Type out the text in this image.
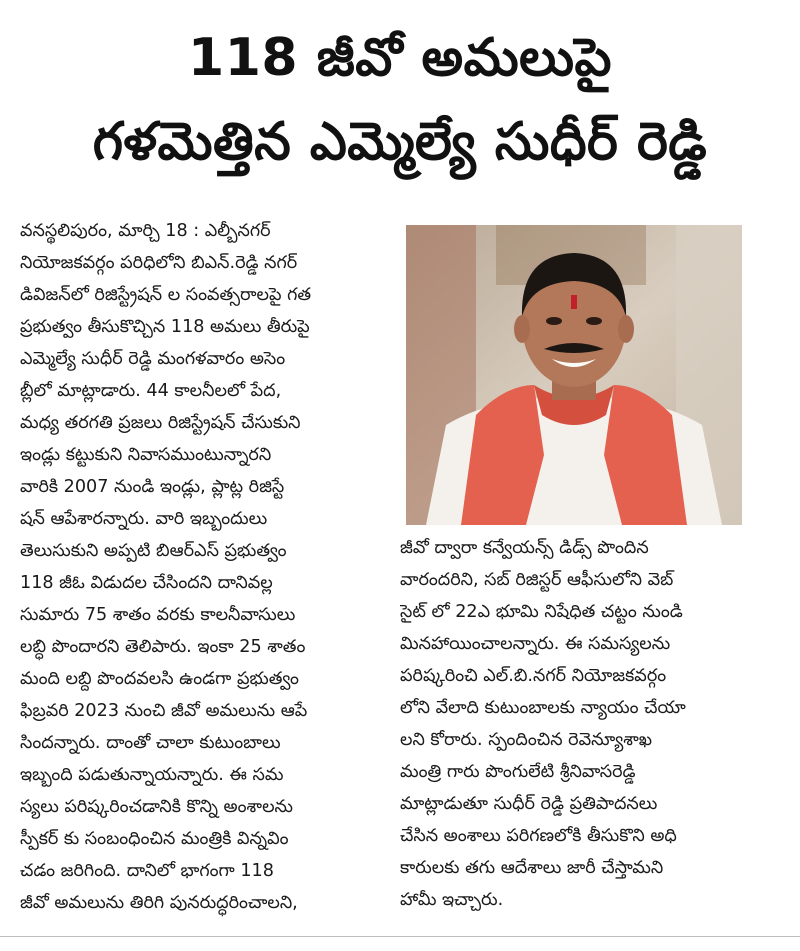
118 జీవో అమలుపై
గళమెత్తిన ఎమ్మెల్యే సుధీర్ రెడ్డి
వనస్థలిపురం, మార్చి 18 : ఎల్బీనగర్
నియోజకవర్గం పరిధిలోని బిఎన్.రెడ్డి నగర్
డివిజన్‌లో రిజిస్ట్రేషన్ ల సంవత్సరాలపై గత
ప్రభుత్వం తీసుకొచ్చిన 118 అమలు తీరుపై
ఎమ్మెల్యే సుధీర్ రెడ్డి మంగళవారం అసెం
బ్లీలో మాట్లాడారు. 44 కాలనీలలో పేద,
మధ్య తరగతి ప్రజలు రిజిస్ట్రేషన్ చేసుకుని
ఇండ్లు కట్టుకుని నివాసముంటున్నారని
వారికి 2007 నుండి ఇండ్లు, ప్లాట్ల రిజిస్టే
షన్ ఆపేశారన్నారు. వారి ఇబ్బందులు
తెలుసుకుని అప్పటి బిఆర్ఎస్ ప్రభుత్వం
118 జీఓ విడుదల చేసిందని దానివల్ల
సుమారు 75 శాతం వరకు కాలనీవాసులు
లబ్ధి పొందారని తెలిపారు. ఇంకా 25 శాతం
మంది లబ్ది పొందవలసి ఉండగా ప్రభుత్వం
ఫిబ్రవరి 2023 నుంచి జీవో అమలును ఆపే
సిందన్నారు. దాంతో చాలా కుటుంబాలు
ఇబ్బంది పడుతున్నాయన్నారు. ఈ సమ
స్యలు పరిష్కరించడానికి కొన్ని అంశాలను
స్పీకర్ కు సంబంధించిన మంత్రికి విన్నవిం
చడం జరిగింది. దానిలో భాగంగా 118
జీవో అమలును తిరిగి పునరుద్ధరించాలని,
జీవో ద్వారా కన్వేయన్స్ డిడ్స్ పొందిన
వారందరిని, సబ్ రిజిస్టర్ ఆఫీసులోని వెబ్
సైట్ లో 22ఎ భూమి నిషేధిత చట్టం నుండి
మినహాయించాలన్నారు. ఈ సమస్యలను
పరిష్కరించి ఎల్.బి.నగర్ నియోజకవర్గం
లోని వేలాది కుటుంబాలకు న్యాయం చేయా
లని కోరారు. స్పందించిన రెవెన్యూశాఖ
మంత్రి గారు పొంగులేటి శ్రీనివాసరెడ్డి
మాట్లాడుతూ సుధీర్ రెడ్డి ప్రతిపాదనలు
చేసిన అంశాలు పరిగణలోకి తీసుకొని అధి
కారులకు తగు ఆదేశాలు జారీ చేస్తామని
హామీ ఇచ్చారు.
